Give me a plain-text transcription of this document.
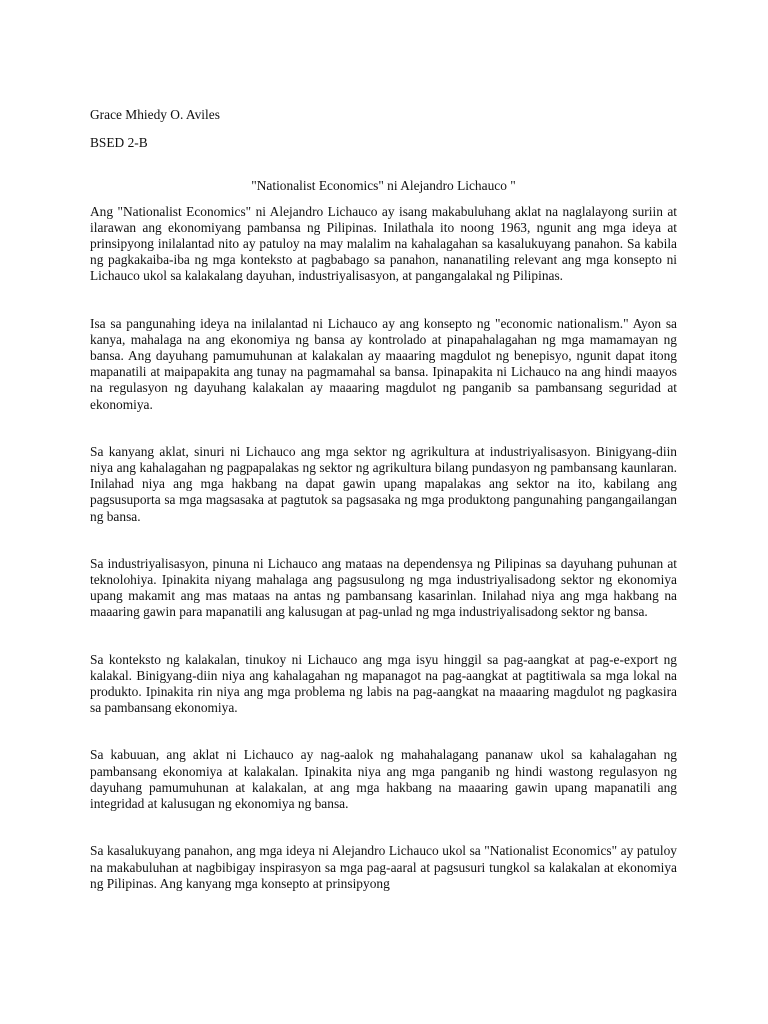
Grace Mhiedy O. Aviles

BSED 2-B

"Nationalist Economics" ni Alejandro Lichauco "

Ang "Nationalist Economics" ni Alejandro Lichauco ay isang makabuluhang aklat na naglalayong suriin at ilarawan ang ekonomiyang pambansa ng Pilipinas. Inilathala ito noong 1963, ngunit ang mga ideya at prinsipyong inilalantad nito ay patuloy na may malalim na kahalagahan sa kasalukuyang panahon. Sa kabila ng pagkakaiba-iba ng mga konteksto at pagbabago sa panahon, nananatiling relevant ang mga konsepto ni Lichauco ukol sa kalakalang dayuhan, industriyalisasyon, at pangangalakal ng Pilipinas.

Isa sa pangunahing ideya na inilalantad ni Lichauco ay ang konsepto ng "economic nationalism." Ayon sa kanya, mahalaga na ang ekonomiya ng bansa ay kontrolado at pinapahalagahan ng mga mamamayan ng bansa. Ang dayuhang pamumuhunan at kalakalan ay maaaring magdulot ng benepisyo, ngunit dapat itong mapanatili at maipapakita ang tunay na pagmamahal sa bansa. Ipinapakita ni Lichauco na ang hindi maayos na regulasyon ng dayuhang kalakalan ay maaaring magdulot ng panganib sa pambansang seguridad at ekonomiya.

Sa kanyang aklat, sinuri ni Lichauco ang mga sektor ng agrikultura at industriyalisasyon. Binigyang-diin niya ang kahalagahan ng pagpapalakas ng sektor ng agrikultura bilang pundasyon ng pambansang kaunlaran. Inilahad niya ang mga hakbang na dapat gawin upang mapalakas ang sektor na ito, kabilang ang pagsusuporta sa mga magsasaka at pagtutok sa pagsasaka ng mga produktong pangunahing pangangailangan ng bansa.

Sa industriyalisasyon, pinuna ni Lichauco ang mataas na dependensya ng Pilipinas sa dayuhang puhunan at teknolohiya. Ipinakita niyang mahalaga ang pagsusulong ng mga industriyalisadong sektor ng ekonomiya upang makamit ang mas mataas na antas ng pambansang kasarinlan. Inilahad niya ang mga hakbang na maaaring gawin para mapanatili ang kalusugan at pag-unlad ng mga industriyalisadong sektor ng bansa.

Sa konteksto ng kalakalan, tinukoy ni Lichauco ang mga isyu hinggil sa pag-aangkat at pag-e-export ng kalakal. Binigyang-diin niya ang kahalagahan ng mapanagot na pag-aangkat at pagtitiwala sa mga lokal na produkto. Ipinakita rin niya ang mga problema ng labis na pag-aangkat na maaaring magdulot ng pagkasira sa pambansang ekonomiya.

Sa kabuuan, ang aklat ni Lichauco ay nag-aalok ng mahahalagang pananaw ukol sa kahalagahan ng pambansang ekonomiya at kalakalan. Ipinakita niya ang mga panganib ng hindi wastong regulasyon ng dayuhang pamumuhunan at kalakalan, at ang mga hakbang na maaaring gawin upang mapanatili ang integridad at kalusugan ng ekonomiya ng bansa.

Sa kasalukuyang panahon, ang mga ideya ni Alejandro Lichauco ukol sa "Nationalist Economics" ay patuloy na makabuluhan at nagbibigay inspirasyon sa mga pag-aaral at pagsusuri tungkol sa kalakalan at ekonomiya ng Pilipinas. Ang kanyang mga konsepto at prinsipyong
